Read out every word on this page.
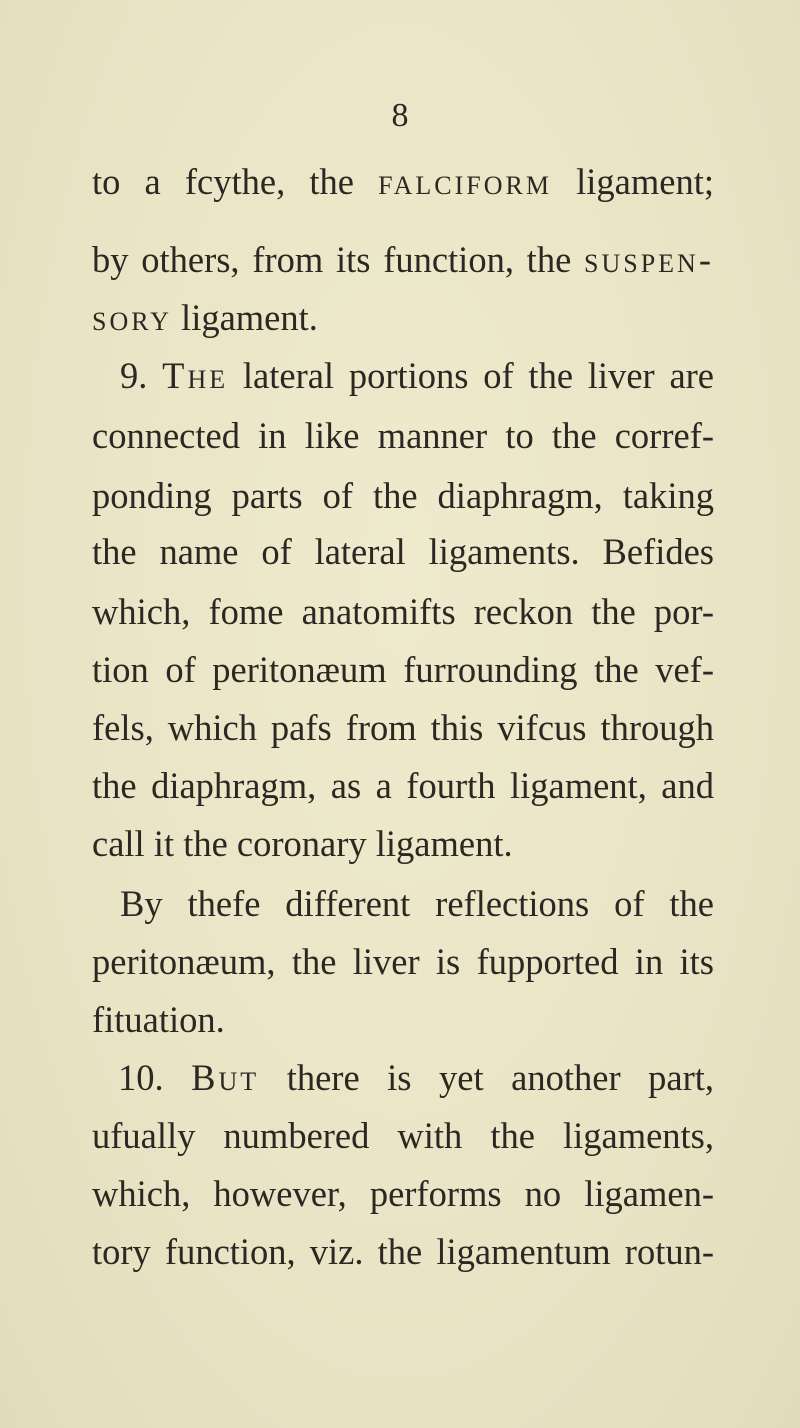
8
to a fcythe, the falciform ligament;
by others, from its function, the suspen-
sory ligament.
9. The lateral portions of the liver are
connected in like manner to the corref-
ponding parts of the diaphragm, taking
the name of lateral ligaments. Befides
which, fome anatomifts reckon the por-
tion of peritonæum furrounding the vef-
fels, which pafs from this vifcus through
the diaphragm, as a fourth ligament, and
call it the coronary ligament.
By thefe different reflections of the
peritonæum, the liver is fupported in its
fituation.
10. But there is yet another part,
ufually numbered with the ligaments,
which, however, performs no ligamen-
tory function, viz. the ligamentum rotun-
